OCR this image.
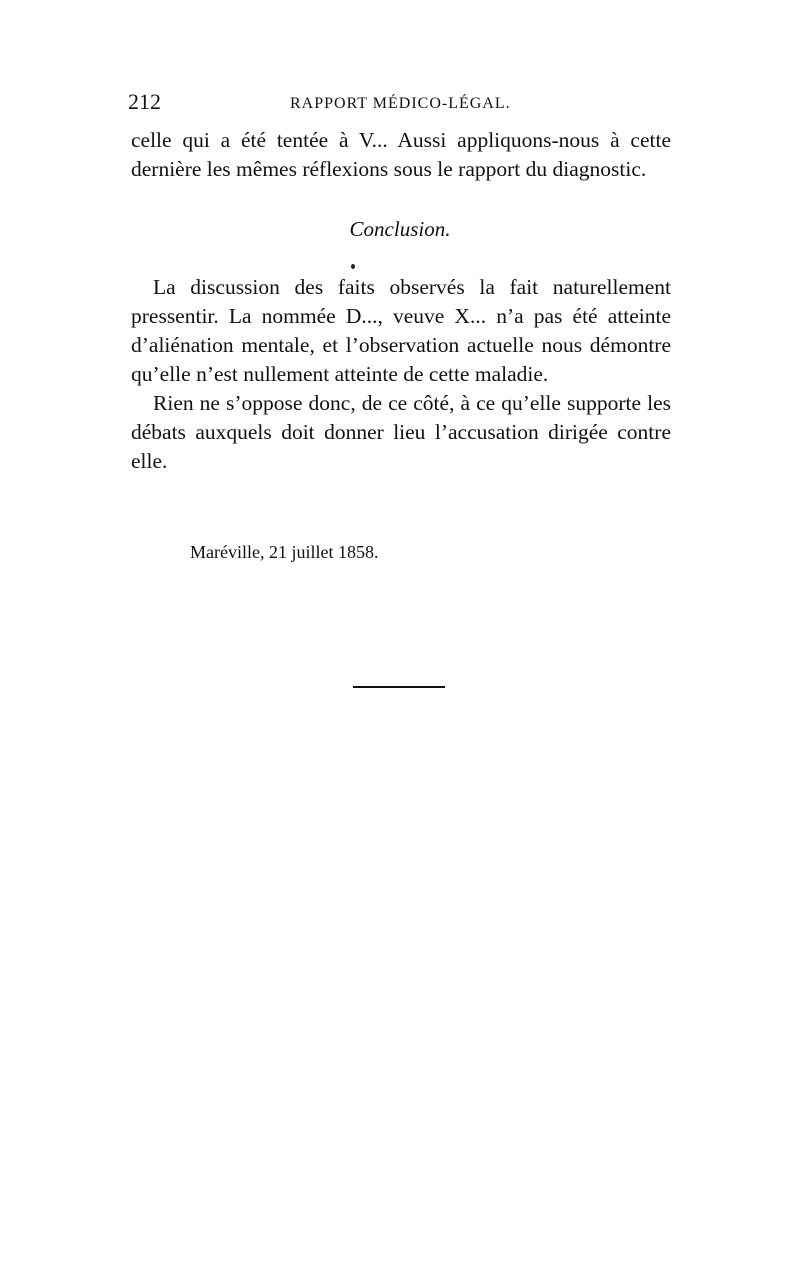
212	RAPPORT MÉDICO-LÉGAL.
celle qui a été tentée à V... Aussi appliquons-nous à cette dernière les mêmes réflexions sous le rapport du diagnostic.
Conclusion.
La discussion des faits observés la fait naturellement pressentir. La nommée D..., veuve X... n’a pas été atteinte d’aliénation mentale, et l’observation actuelle nous démontre qu’elle n’est nullement atteinte de cette maladie.
Rien ne s’oppose donc, de ce côté, à ce qu’elle supporte les débats auxquels doit donner lieu l’accusation dirigée contre elle.
Maréville, 21 juillet 1858.
